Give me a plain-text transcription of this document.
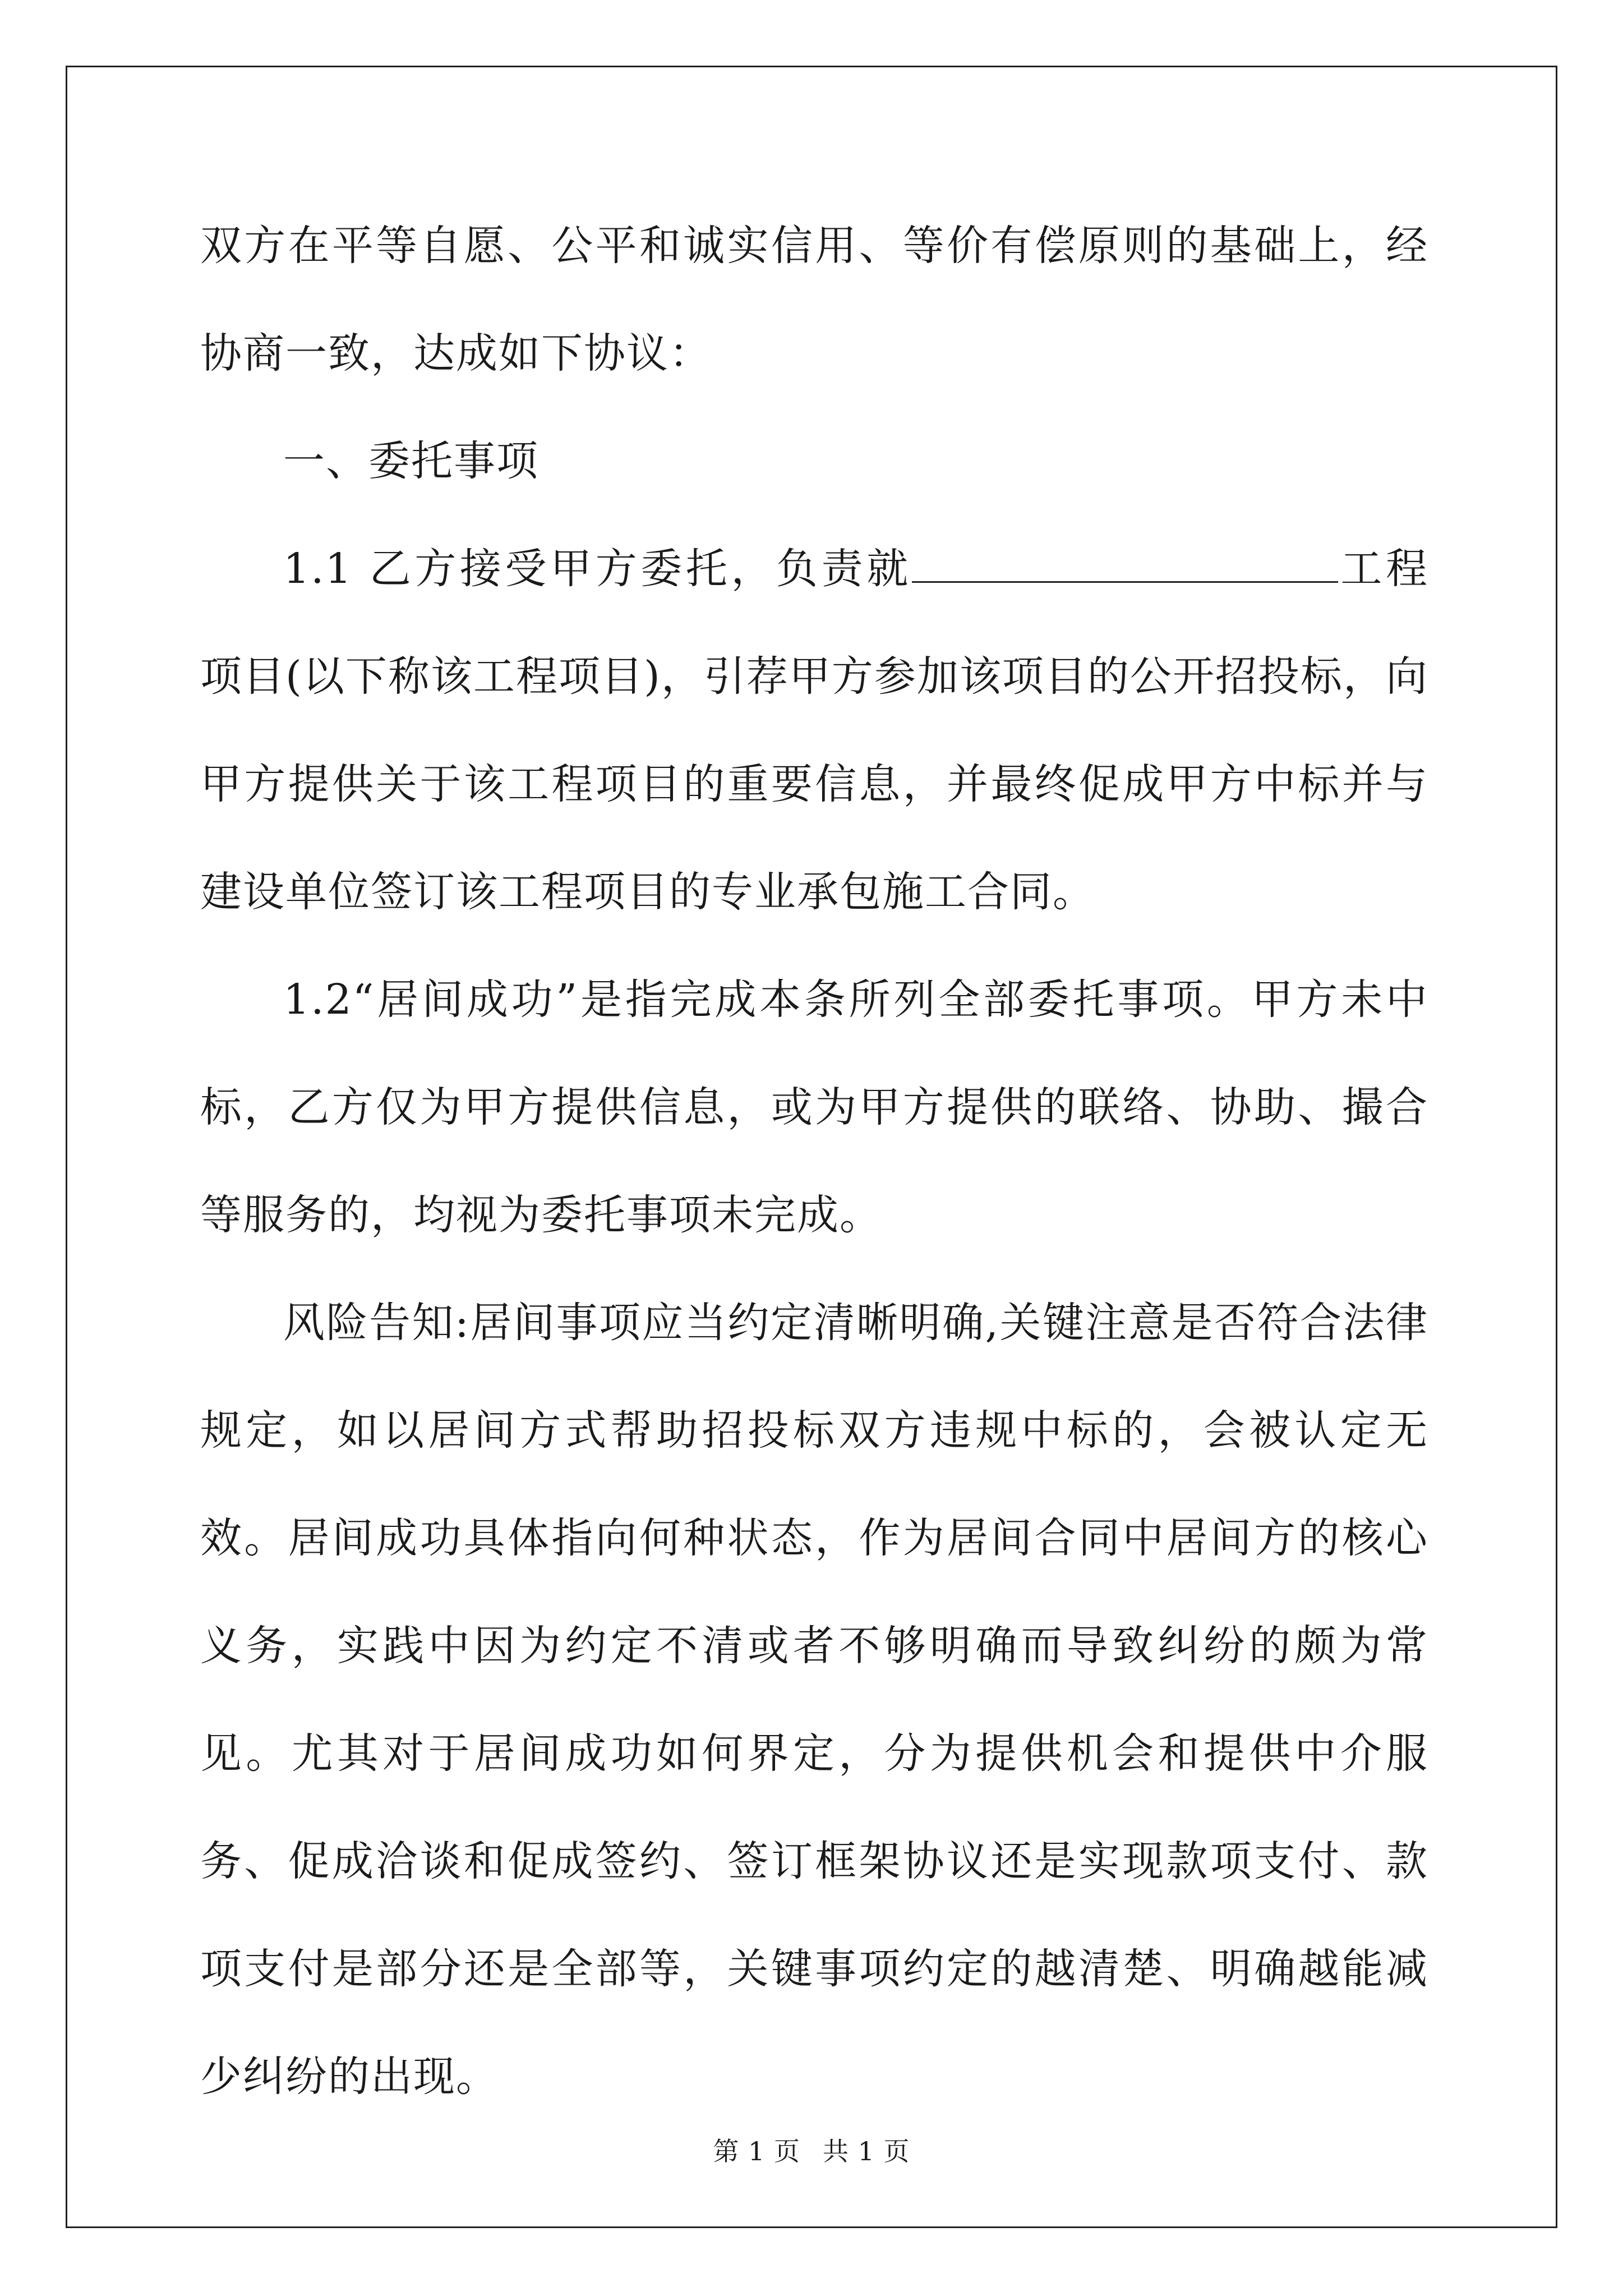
双方在平等自愿、公平和诚实信用、等价有偿原则的基础上，经协商一致，达成如下协议：

一、委托事项

1.1 乙方接受甲方委托，负责就	工程项目(以下称该工程项目)，引荐甲方参加该项目的公开招投标，向甲方提供关于该工程项目的重要信息，并最终促成甲方中标并与建设单位签订该工程项目的专业承包施工合同。

1.2“居间成功”是指完成本条所列全部委托事项。甲方未中标，乙方仅为甲方提供信息，或为甲方提供的联络、协助、撮合等服务的，均视为委托事项未完成。

风险告知:居间事项应当约定清晰明确,关键注意是否符合法律规定，如以居间方式帮助招投标双方违规中标的，会被认定无效。居间成功具体指向何种状态，作为居间合同中居间方的核心义务，实践中因为约定不清或者不够明确而导致纠纷的颇为常见。尤其对于居间成功如何界定，分为提供机会和提供中介服务、促成洽谈和促成签约、签订框架协议还是实现款项支付、款项支付是部分还是全部等，关键事项约定的越清楚、明确越能减少纠纷的出现。

第 1 页 共 1 页
